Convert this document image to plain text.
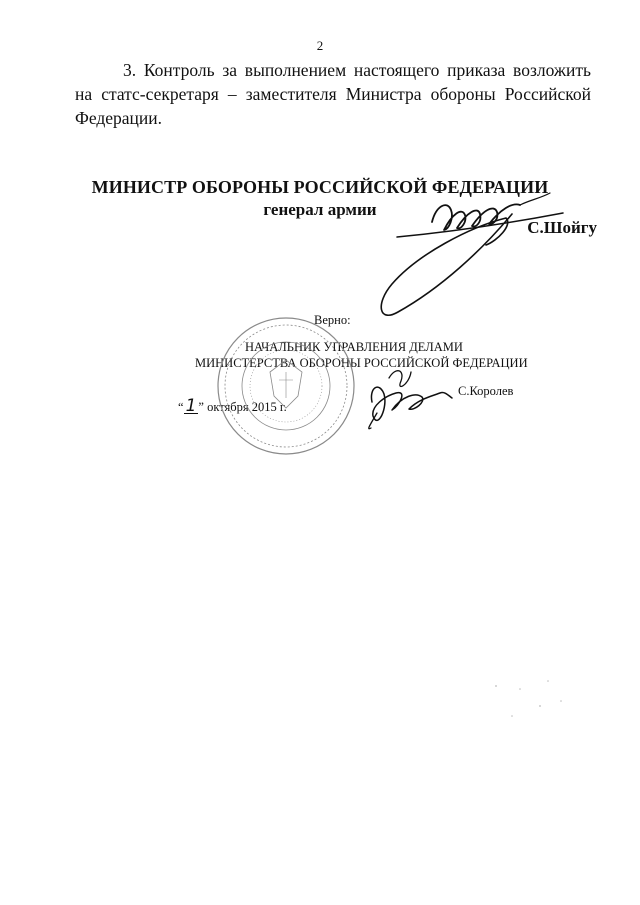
2

3. Контроль за выполнением настоящего приказа возложить на статс-секретаря – заместителя Министра обороны Российской Федерации.

МИНИСТР ОБОРОНЫ РОССИЙСКОЙ ФЕДЕРАЦИИ
генерал армии
С.Шойгу
Верно:
НАЧАЛЬНИК УПРАВЛЕНИЯ ДЕЛАМИ
МИНИСТЕРСТВА ОБОРОНЫ РОССИЙСКОЙ ФЕДЕРАЦИИ
С.Королев
“ 1 ” октября 2015 г.
